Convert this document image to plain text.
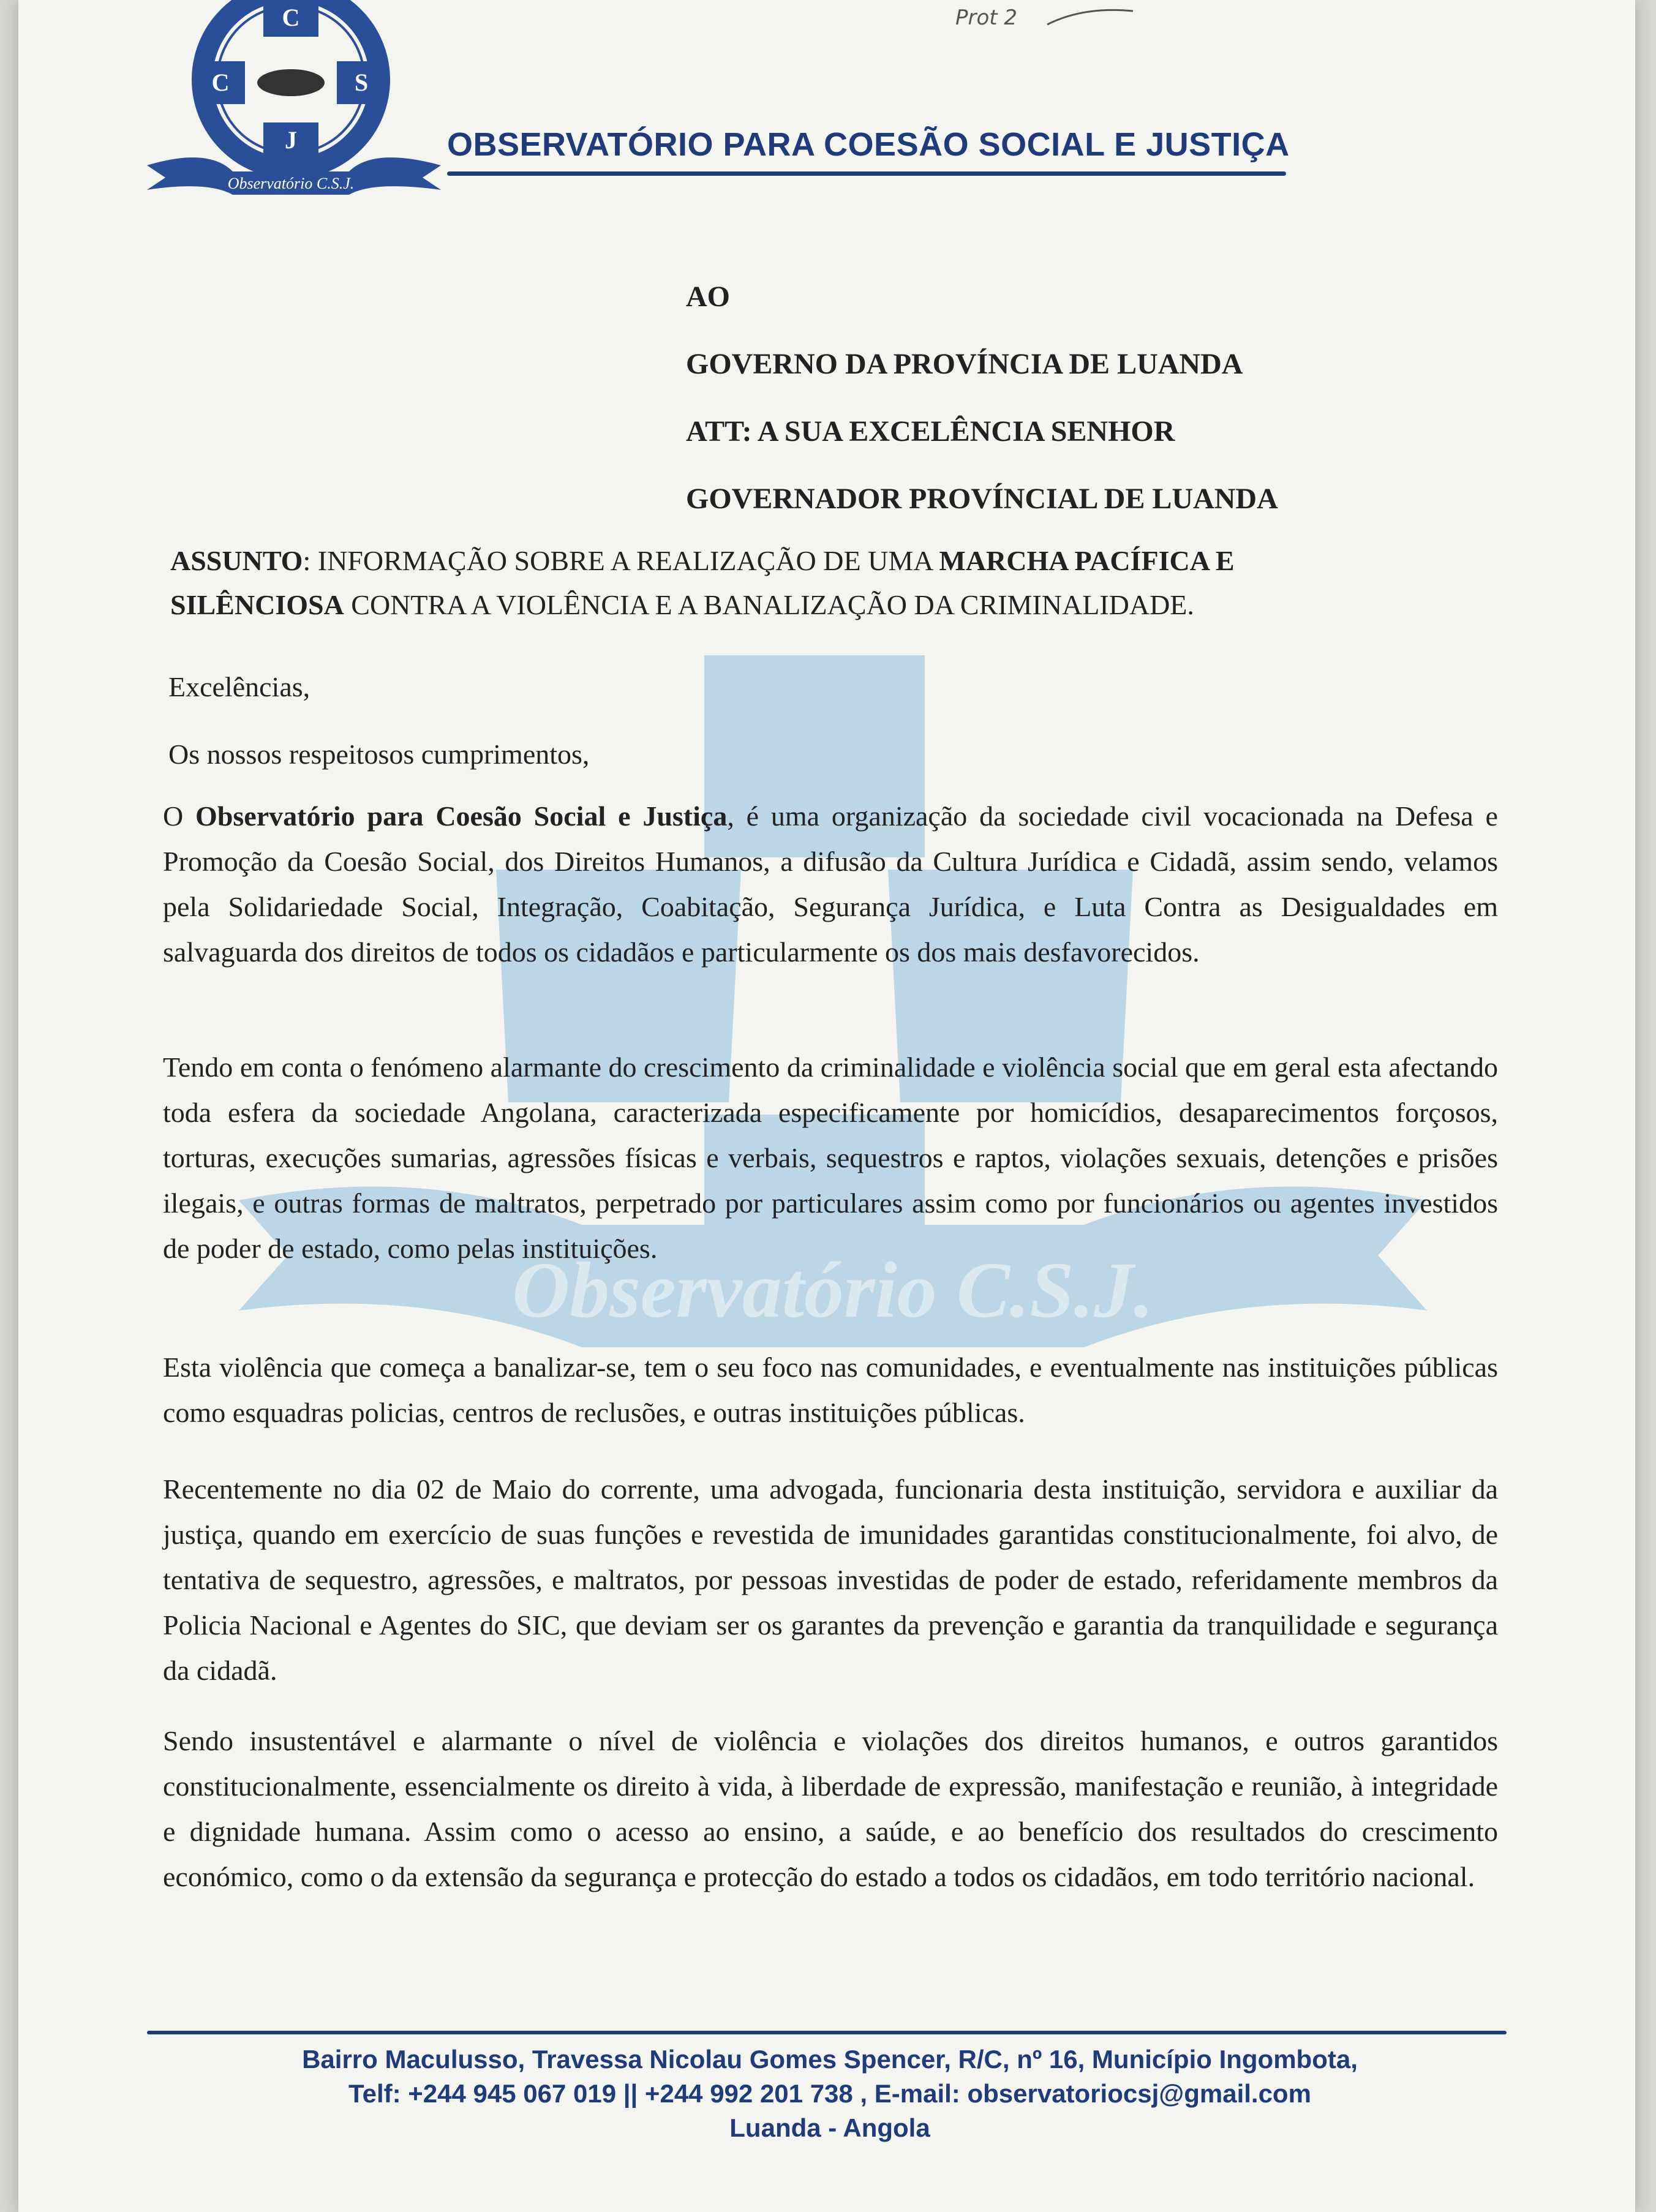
Observatório C.S.J.
C
C	S
J
Observatório C.S.J.
OBSERVATÓRIO PARA COESÃO SOCIAL E JUSTIÇA
Prot 2
AO
GOVERNO DA PROVÍNCIA DE LUANDA
ATT: A SUA EXCELÊNCIA SENHOR
GOVERNADOR PROVÍNCIAL DE LUANDA
ASSUNTO: INFORMAÇÃO SOBRE A REALIZAÇÃO DE UMA MARCHA PACÍFICA E SILÊNCIOSA CONTRA A VIOLÊNCIA E A BANALIZAÇÃO DA CRIMINALIDADE.
Excelências,
Os nossos respeitosos cumprimentos,
O Observatório para Coesão Social e Justiça, é uma organização da sociedade civil vocacionada na Defesa e Promoção da Coesão Social, dos Direitos Humanos, a difusão da Cultura Jurídica e Cidadã, assim sendo, velamos pela Solidariedade Social, Integração, Coabitação, Segurança Jurídica, e Luta Contra as Desigualdades em salvaguarda dos direitos de todos os cidadãos e particularmente os dos mais desfavorecidos.
Tendo em conta o fenómeno alarmante do crescimento da criminalidade e violência social que em geral esta afectando toda esfera da sociedade Angolana, caracterizada especificamente por homicídios, desaparecimentos forçosos, torturas, execuções sumarias, agressões físicas e verbais, sequestros e raptos, violações sexuais, detenções e prisões ilegais, e outras formas de maltratos, perpetrado por particulares assim como por funcionários ou agentes investidos de poder de estado, como pelas instituições.
Esta violência que começa a banalizar-se, tem o seu foco nas comunidades, e eventualmente nas instituições públicas como esquadras policias, centros de reclusões, e outras instituições públicas.
Recentemente no dia 02 de Maio do corrente, uma advogada, funcionaria desta instituição, servidora e auxiliar da justiça, quando em exercício de suas funções e revestida de imunidades garantidas constitucionalmente, foi alvo, de tentativa de sequestro, agressões, e maltratos, por pessoas investidas de poder de estado, referidamente membros da Policia Nacional e Agentes do SIC, que deviam ser os garantes da prevenção e garantia da tranquilidade e segurança da cidadã.
Sendo insustentável e alarmante o nível de violência e violações dos direitos humanos, e outros garantidos constitucionalmente, essencialmente os direito à vida, à liberdade de expressão, manifestação e reunião, à integridade e dignidade humana. Assim como o acesso ao ensino, a saúde, e ao benefício dos resultados do crescimento económico, como o da extensão da segurança e protecção do estado a todos os cidadãos, em todo território nacional.
Bairro Maculusso, Travessa Nicolau Gomes Spencer, R/C, nº 16, Município Ingombota,
Telf: +244 945 067 019 || +244 992 201 738 , E-mail: observatoriocsj@gmail.com
Luanda - Angola
